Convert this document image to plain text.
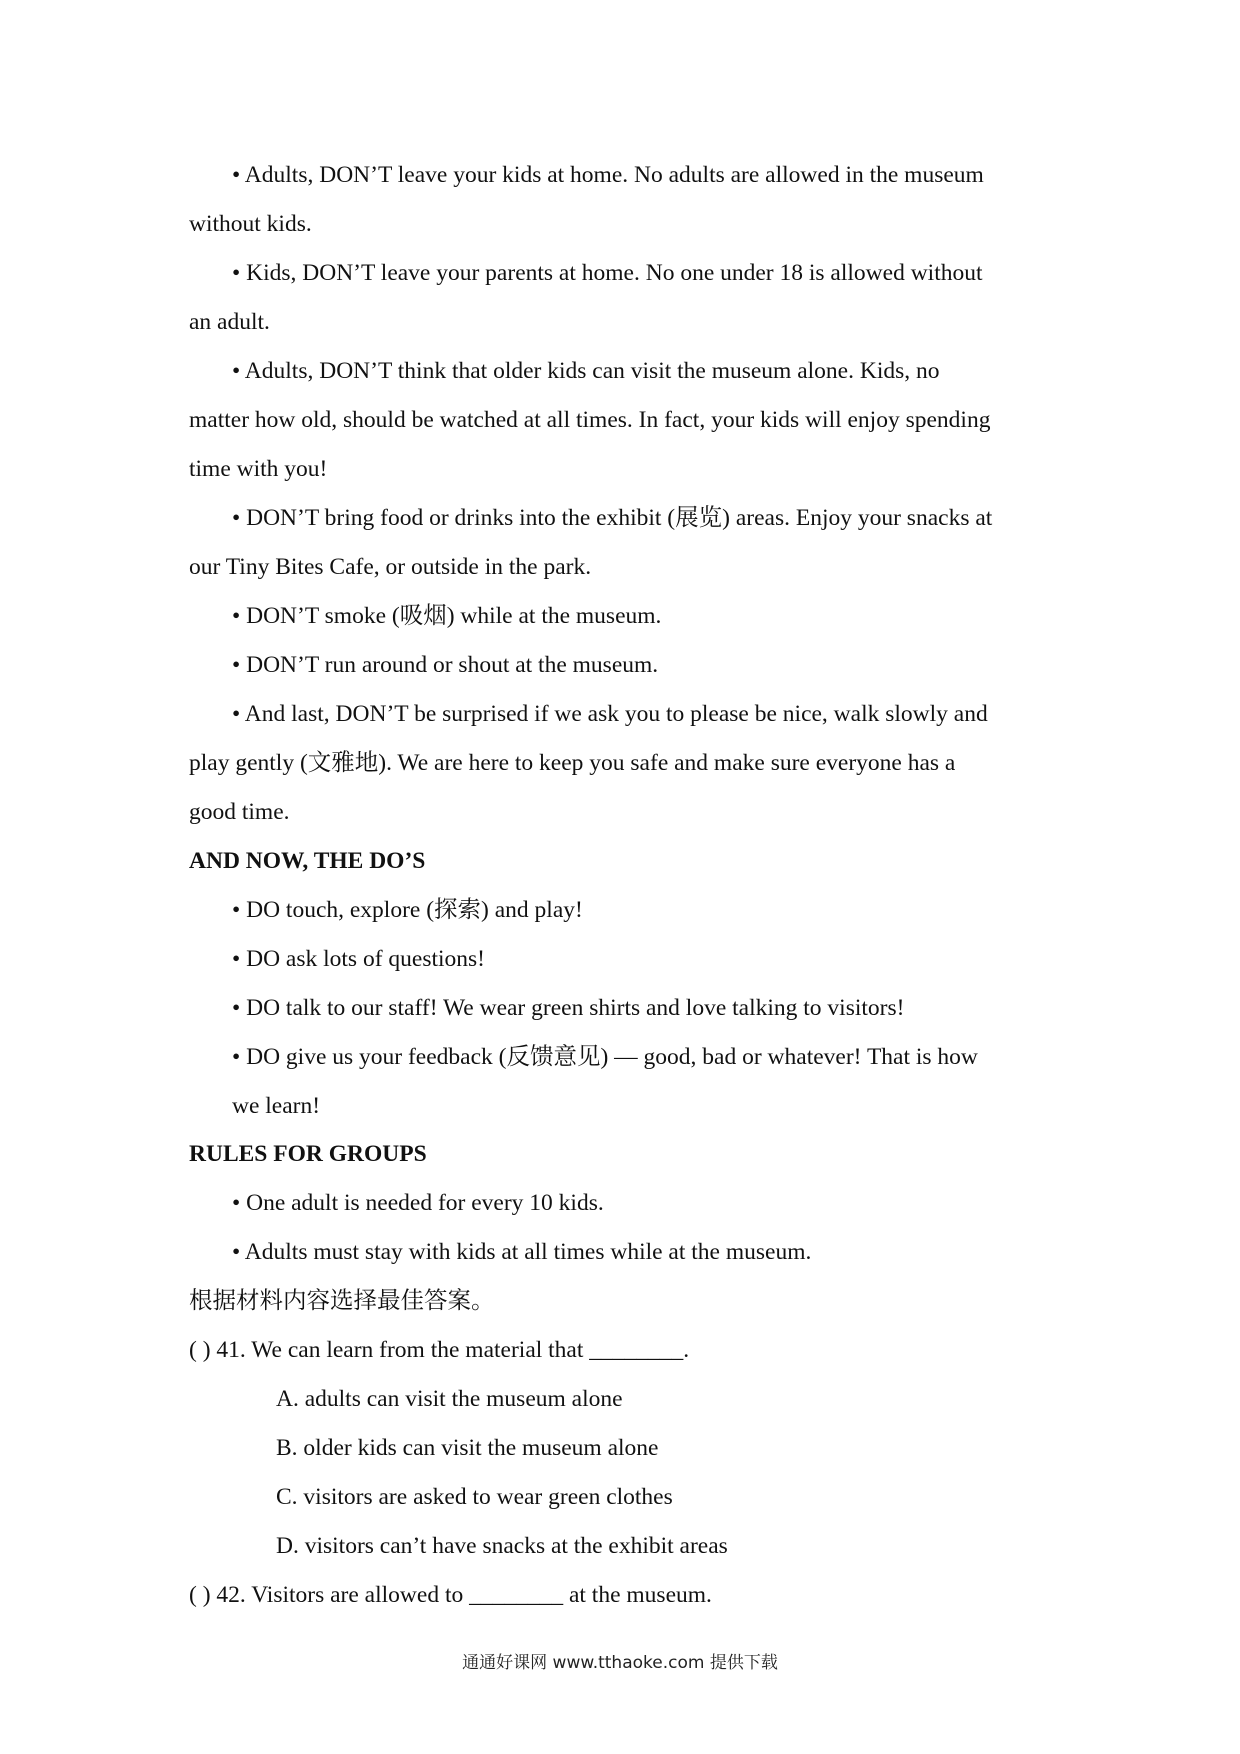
• Adults, DON’T leave your kids at home. No adults are allowed in the museum
without kids.
• Kids, DON’T leave your parents at home. No one under 18 is allowed without
an adult.
• Adults, DON’T think that older kids can visit the museum alone. Kids, no
matter how old, should be watched at all times. In fact, your kids will enjoy spending
time with you!
• DON’T bring food or drinks into the exhibit (展览) areas. Enjoy your snacks at
our Tiny Bites Cafe, or outside in the park.
• DON’T smoke (吸烟) while at the museum.
• DON’T run around or shout at the museum.
• And last, DON’T be surprised if we ask you to please be nice, walk slowly and
play gently (文雅地). We are here to keep you safe and make sure everyone has a
good time.
AND NOW, THE DO’S
• DO touch, explore (探索) and play!
• DO ask lots of questions!
• DO talk to our staff! We wear green shirts and love talking to visitors!
• DO give us your feedback (反馈意见) — good, bad or whatever! That is how
we learn!
RULES FOR GROUPS
• One adult is needed for every 10 kids.
• Adults must stay with kids at all times while at the museum.
根据材料内容选择最佳答案。
( ) 41. We can learn from the material that ________.
A. adults can visit the museum alone
B. older kids can visit the museum alone
C. visitors are asked to wear green clothes
D. visitors can’t have snacks at the exhibit areas
( ) 42. Visitors are allowed to ________ at the museum.
通通好课网 www.tthaoke.com 提供下载
